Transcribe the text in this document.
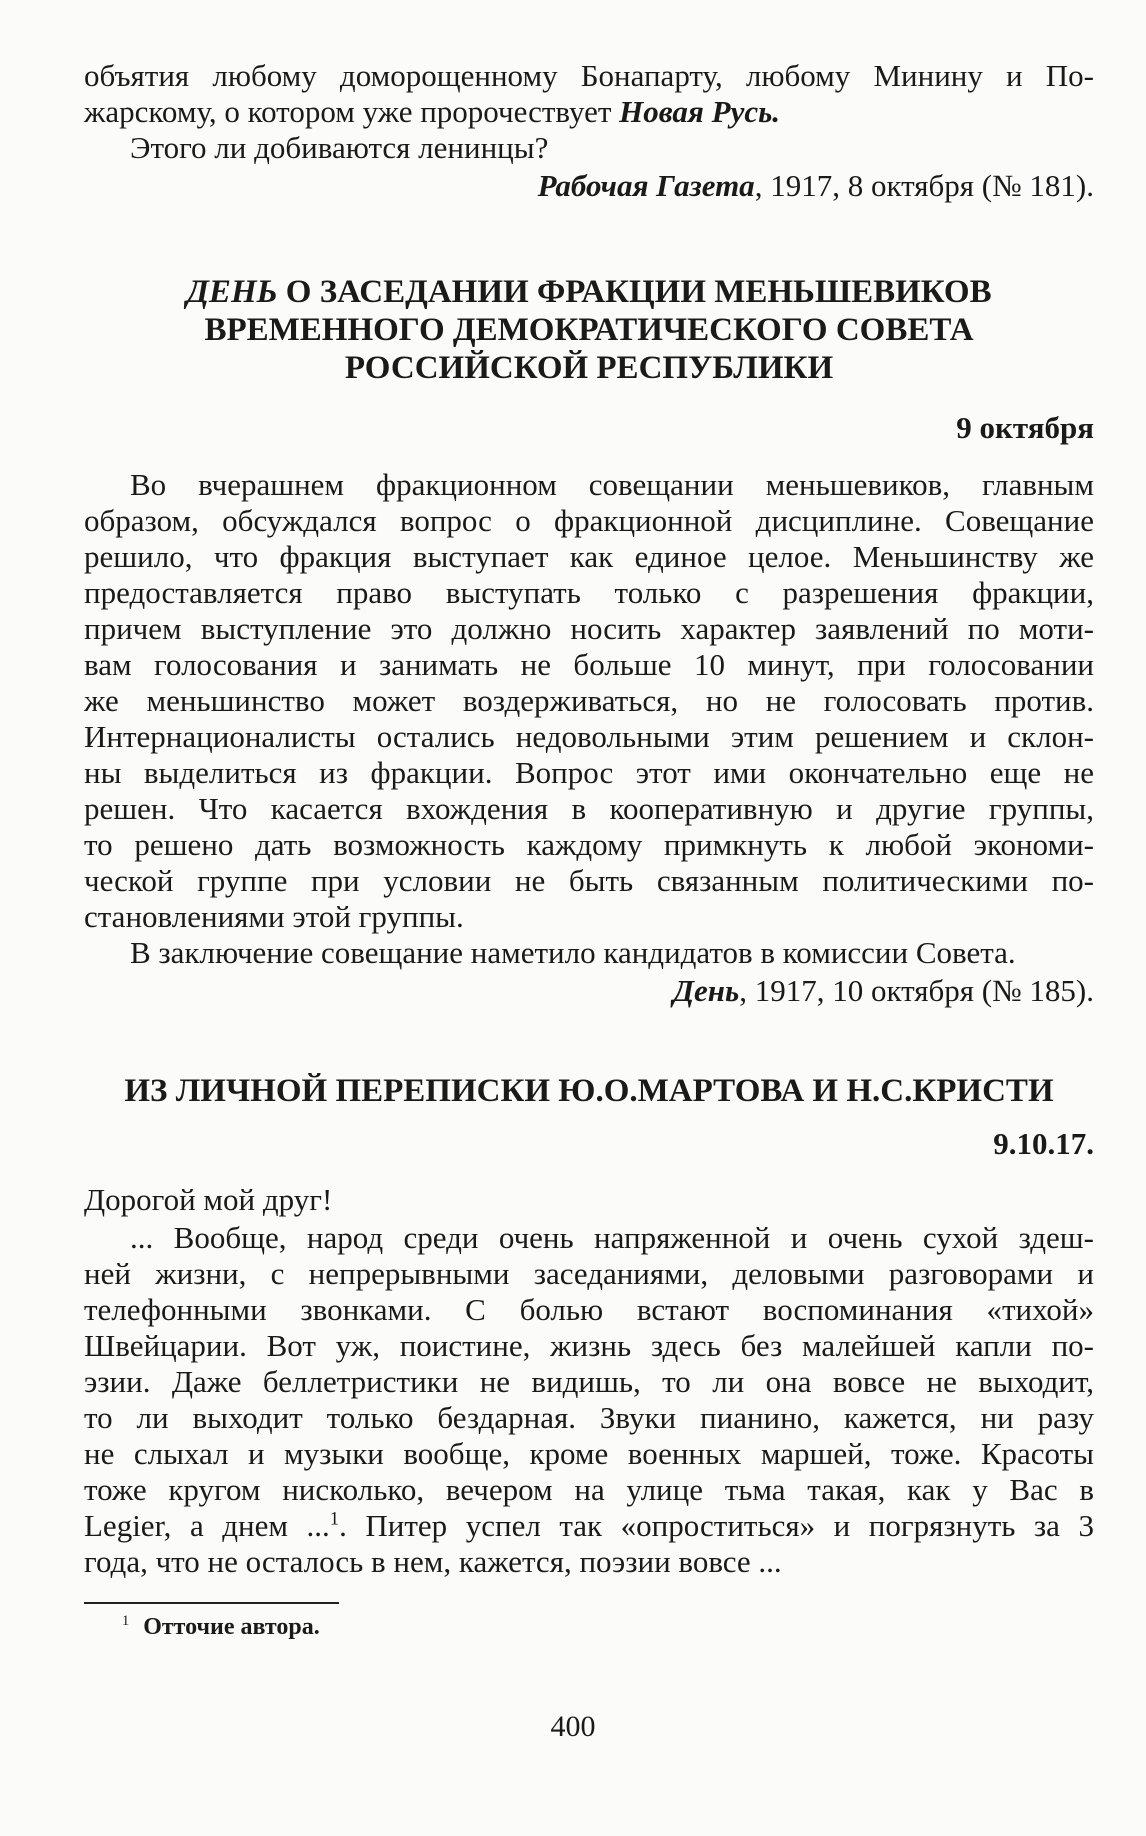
объятия любому доморощенному Бонапарту, любому Минину и По-
жарскому, о котором уже пророчествует Новая Русь.
Этого ли добиваются ленинцы?
Рабочая Газета, 1917, 8 октября (№ 181).
ДЕНЬ О ЗАСЕДАНИИ ФРАКЦИИ МЕНЬШЕВИКОВ
ВРЕМЕННОГО ДЕМОКРАТИЧЕСКОГО СОВЕТА
РОССИЙСКОЙ РЕСПУБЛИКИ
9 октября
Во вчерашнем фракционном совещании меньшевиков, главным
образом, обсуждался вопрос о фракционной дисциплине. Совещание
решило, что фракция выступает как единое целое. Меньшинству же
предоставляется право выступать только с разрешения фракции,
причем выступление это должно носить характер заявлений по моти-
вам голосования и занимать не больше 10 минут, при голосовании
же меньшинство может воздерживаться, но не голосовать против.
Интернационалисты остались недовольными этим решением и склон-
ны выделиться из фракции. Вопрос этот ими окончательно еще не
решен. Что касается вхождения в кооперативную и другие группы,
то решено дать возможность каждому примкнуть к любой экономи-
ческой группе при условии не быть связанным политическими по-
становлениями этой группы.
В заключение совещание наметило кандидатов в комиссии Совета.
День, 1917, 10 октября (№ 185).
ИЗ ЛИЧНОЙ ПЕРЕПИСКИ Ю.О.МАРТОВА И Н.С.КРИСТИ
9.10.17.
Дорогой мой друг!
... Вообще, народ среди очень напряженной и очень сухой здеш-
ней жизни, с непрерывными заседаниями, деловыми разговорами и
телефонными звонками. С болью встают воспоминания «тихой»
Швейцарии. Вот уж, поистине, жизнь здесь без малейшей капли по-
эзии. Даже беллетристики не видишь, то ли она вовсе не выходит,
то ли выходит только бездарная. Звуки пианино, кажется, ни разу
не слыхал и музыки вообще, кроме военных маршей, тоже. Красоты
тоже кругом нисколько, вечером на улице тьма такая, как у Вас в
Legier, а днем ...$^1$. Питер успел так «опроститься» и погрязнуть за 3
года, что не осталось в нем, кажется, поэзии вовсе ...
$^1$ Отточие автора.
400
